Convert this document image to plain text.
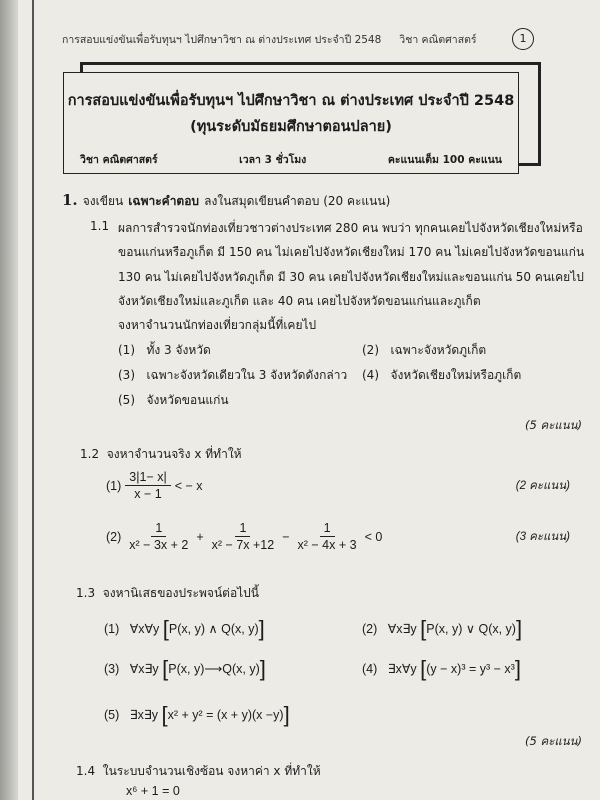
การสอบแข่งขันเพื่อรับทุนฯ ไปศึกษาวิชา ณ ต่างประเทศ ประจำปี 2548 วิชา คณิตศาสตร์	1
การสอบแข่งขันเพื่อรับทุนฯ ไปศึกษาวิชา ณ ต่างประเทศ ประจำปี 2548
(ทุนระดับมัธยมศึกษาตอนปลาย)
วิชา คณิตศาสตร์	เวลา 3 ชั่วโมง	คะแนนเต็ม 100 คะแนน
1. จงเขียน เฉพาะคำตอบ ลงในสมุดเขียนคำตอบ (20 คะแนน)
1.1 ผลการสำรวจนักท่องเที่ยวชาวต่างประเทศ 280 คน พบว่า ทุกคนเคยไปจังหวัดเชียงใหม่หรือ
ขอนแก่นหรือภูเก็ต มี 150 คน ไม่เคยไปจังหวัดเชียงใหม่ 170 คน ไม่เคยไปจังหวัดขอนแก่น
130 คน ไม่เคยไปจังหวัดภูเก็ต มี 30 คน เคยไปจังหวัดเชียงใหม่และขอนแก่น 50 คนเคยไป
จังหวัดเชียงใหม่และภูเก็ต และ 40 คน เคยไปจังหวัดขอนแก่นและภูเก็ต
จงหาจำนวนนักท่องเที่ยวกลุ่มนี้ที่เคยไป
(1) ทั้ง 3 จังหวัด	(2) เฉพาะจังหวัดภูเก็ต
(3) เฉพาะจังหวัดเดียวใน 3 จังหวัดดังกล่าว	(4) จังหวัดเชียงใหม่หรือภูเก็ต
(5) จังหวัดขอนแก่น
(5 คะแนน)
1.2 จงหาจำนวนจริง x ที่ทำให้
$(1) \frac{3|1- x|}{x - 1}$ < − x	(2 คะแนน)
$(2) \frac{1}{\text{x² − 3x + 2}} + \frac{1}{\text{x² − 7x +12}} - \frac{1}{\text{x² − 4x + 3}} < 0$	(3 คะแนน)
1.3 จงหานิเสธของประพจน์ต่อไปนี้
(1) ∀x∀y [P(x, y) ∧ Q(x, y)]	(2) ∀x∃y [P(x, y) ∨ Q(x, y)]
(3) ∀x∃y [P(x, y)⟶Q(x, y)]	(4) ∃x∀y [(y − x)³ = y³ − x³]
(5) ∃x∃y [x² + y² = (x + y)(x −y)]
(5 คะแนน)
1.4 ในระบบจำนวนเชิงซ้อน จงหาค่า x ที่ทำให้
x⁶ + 1 = 0
